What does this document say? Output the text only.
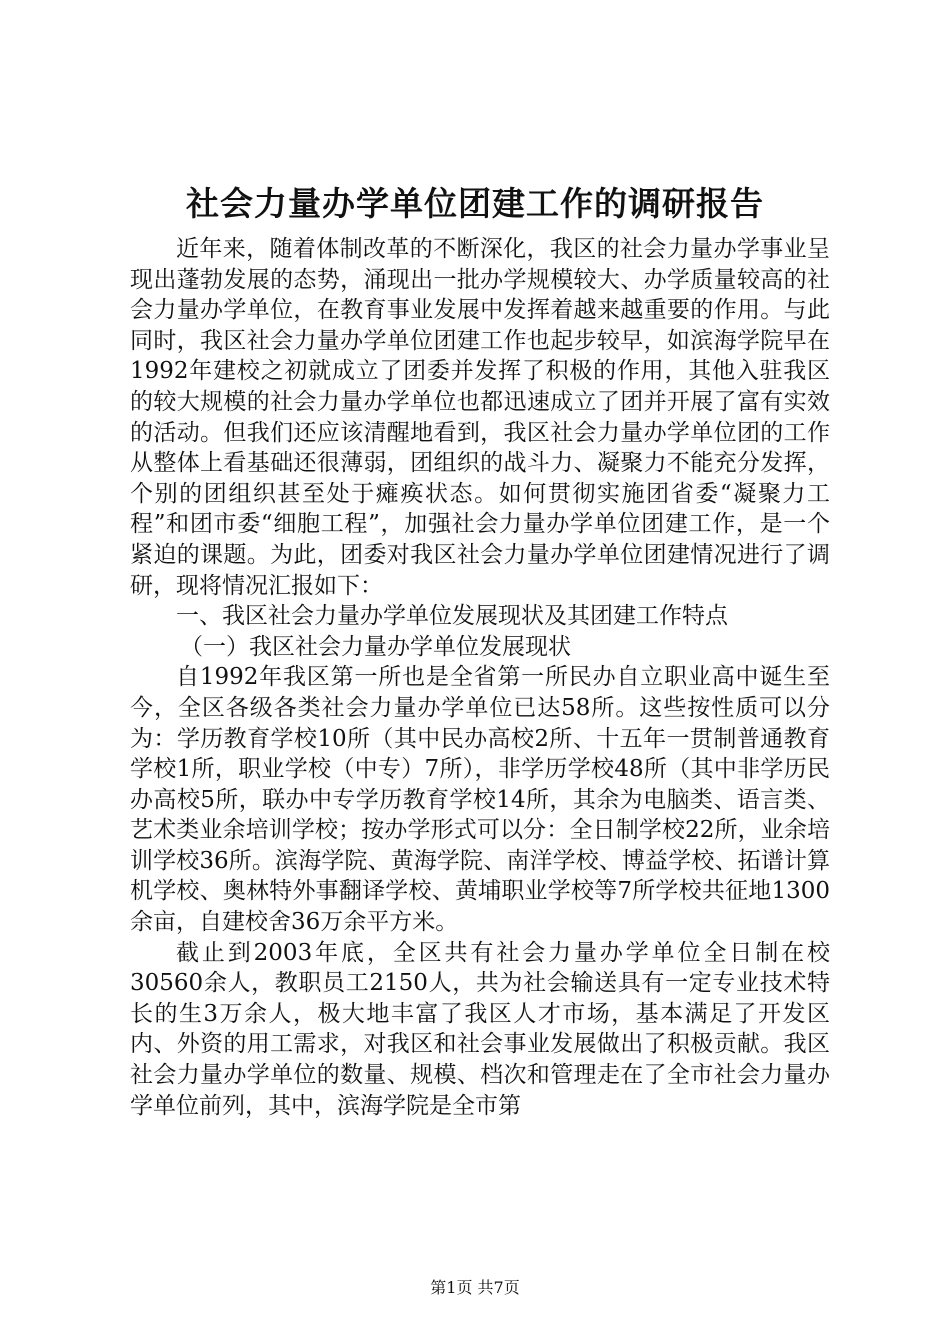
社会力量办学单位团建工作的调研报告

近年来，随着体制改革的不断深化，我区的社会力量办学事业呈现出蓬勃发展的态势，涌现出一批办学规模较大、办学质量较高的社会力量办学单位，在教育事业发展中发挥着越来越重要的作用。与此同时，我区社会力量办学单位团建工作也起步较早，如滨海学院早在1992年建校之初就成立了团委并发挥了积极的作用，其他入驻我区的较大规模的社会力量办学单位也都迅速成立了团并开展了富有实效的活动。但我们还应该清醒地看到，我区社会力量办学单位团的工作从整体上看基础还很薄弱，团组织的战斗力、凝聚力不能充分发挥，个别的团组织甚至处于瘫痪状态。如何贯彻实施团省委“凝聚力工程”和团市委“细胞工程”，加强社会力量办学单位团建工作，是一个紧迫的课题。为此，团委对我区社会力量办学单位团建情况进行了调研，现将情况汇报如下：

一、我区社会力量办学单位发展现状及其团建工作特点

（一）我区社会力量办学单位发展现状

自1992年我区第一所也是全省第一所民办自立职业高中诞生至今，全区各级各类社会力量办学单位已达58所。这些按性质可以分为：学历教育学校10所（其中民办高校2所、十五年一贯制普通教育学校1所，职业学校（中专）7所），非学历学校48所（其中非学历民办高校5所，联办中专学历教育学校14所，其余为电脑类、语言类、艺术类业余培训学校；按办学形式可以分：全日制学校22所，业余培训学校36所。滨海学院、黄海学院、南洋学校、博益学校、拓谱计算机学校、奥林特外事翻译学校、黄埔职业学校等7所学校共征地1300余亩，自建校舍36万余平方米。

截止到2003年底，全区共有社会力量办学单位全日制在校30560余人，教职员工2150人，共为社会输送具有一定专业技术特长的生3万余人，极大地丰富了我区人才市场，基本满足了开发区内、外资的用工需求，对我区和社会事业发展做出了积极贡献。我区社会力量办学单位的数量、规模、档次和管理走在了全市社会力量办学单位前列，其中，滨海学院是全市第

第1页 共7页
